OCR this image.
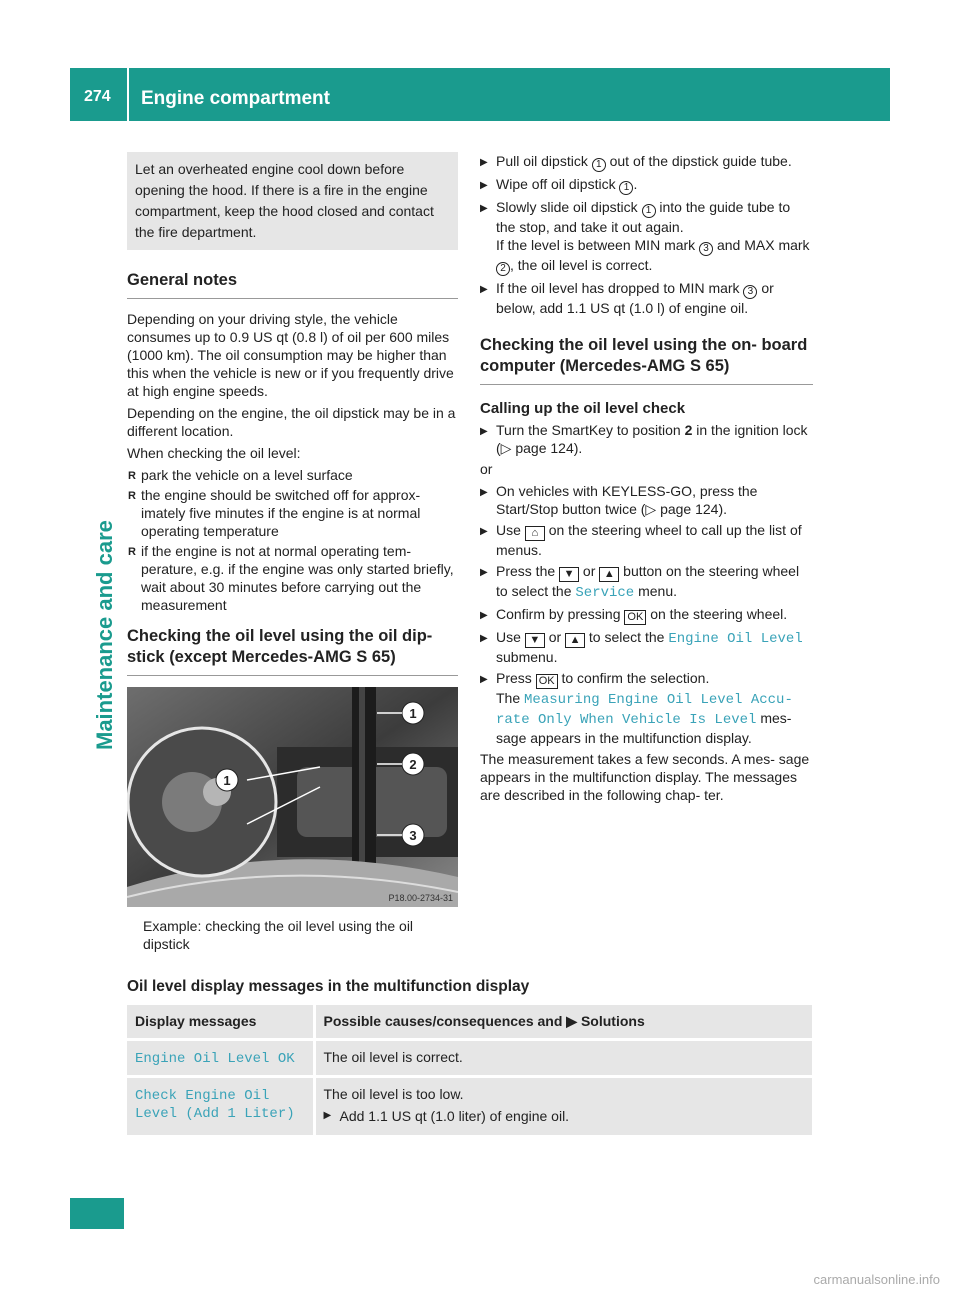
274 Engine compartment
Maintenance and care
Let an overheated engine cool down before opening the hood. If there is a fire in the engine compartment, keep the hood closed and contact the fire department.
General notes

Depending on your driving style, the vehicle consumes up to 0.9 US qt (0.8 l) of oil per 600 miles (1000 km). The oil consumption may be higher than this when the vehicle is new or if you frequently drive at high engine speeds.

Depending on the engine, the oil dipstick may be in a different location.

When checking the oil level:

R park the vehicle on a level surface
R the engine should be switched off for approx- imately five minutes if the engine is at normal operating temperature
R if the engine is not at normal operating tem- perature, e.g. if the engine was only started briefly, wait about 30 minutes before carrying out the measurement
Checking the oil level using the oil dip- stick (except Mercedes-AMG S 65)
1
1
2
3
P18.00-2734-31
Example: checking the oil level using the oil dipstick
▶ Pull oil dipstick 1 out of the dipstick guide tube.
▶ Wipe off oil dipstick 1 .
▶ Slowly slide oil dipstick 1 into the guide tube to the stop, and take it out again.
If the level is between MIN mark 3 and MAX mark 2 , the oil level is correct.
▶ If the oil level has dropped to MIN mark 3 or below, add 1.1 US qt (1.0 l) of engine oil.
Checking the oil level using the on- board computer (Mercedes-AMG S 65)
Calling up the oil level check
▶ Turn the SmartKey to position 2 in the ignition lock (▷ page 124).

or

▶ On vehicles with KEYLESS-GO, press the Start/Stop button twice (▷ page 124).
▶ Use ⌂ on the steering wheel to call up the list of menus.
▶ Press the ▼ or ▲ button on the steering wheel to select the Service menu.
▶ Confirm by pressing OK on the steering wheel.
▶ Use ▼ or ▲ to select the Engine Oil Level submenu.
▶ Press OK to confirm the selection.
The Measuring Engine Oil Level Accu- rate Only When Vehicle Is Level mes- sage appears in the multifunction display.

The measurement takes a few seconds. A mes- sage appears in the multifunction display. The messages are described in the following chap- ter.

Oil level display messages in the multifunction display
Display messages	Possible causes/consequences and ▶ Solutions
Engine Oil Level OK	The oil level is correct.
Check Engine Oil Level (Add 1 Liter)	The oil level is too low.

▶ Add 1.1 US qt (1.0 liter) of engine oil.
carmanualsonline.info
